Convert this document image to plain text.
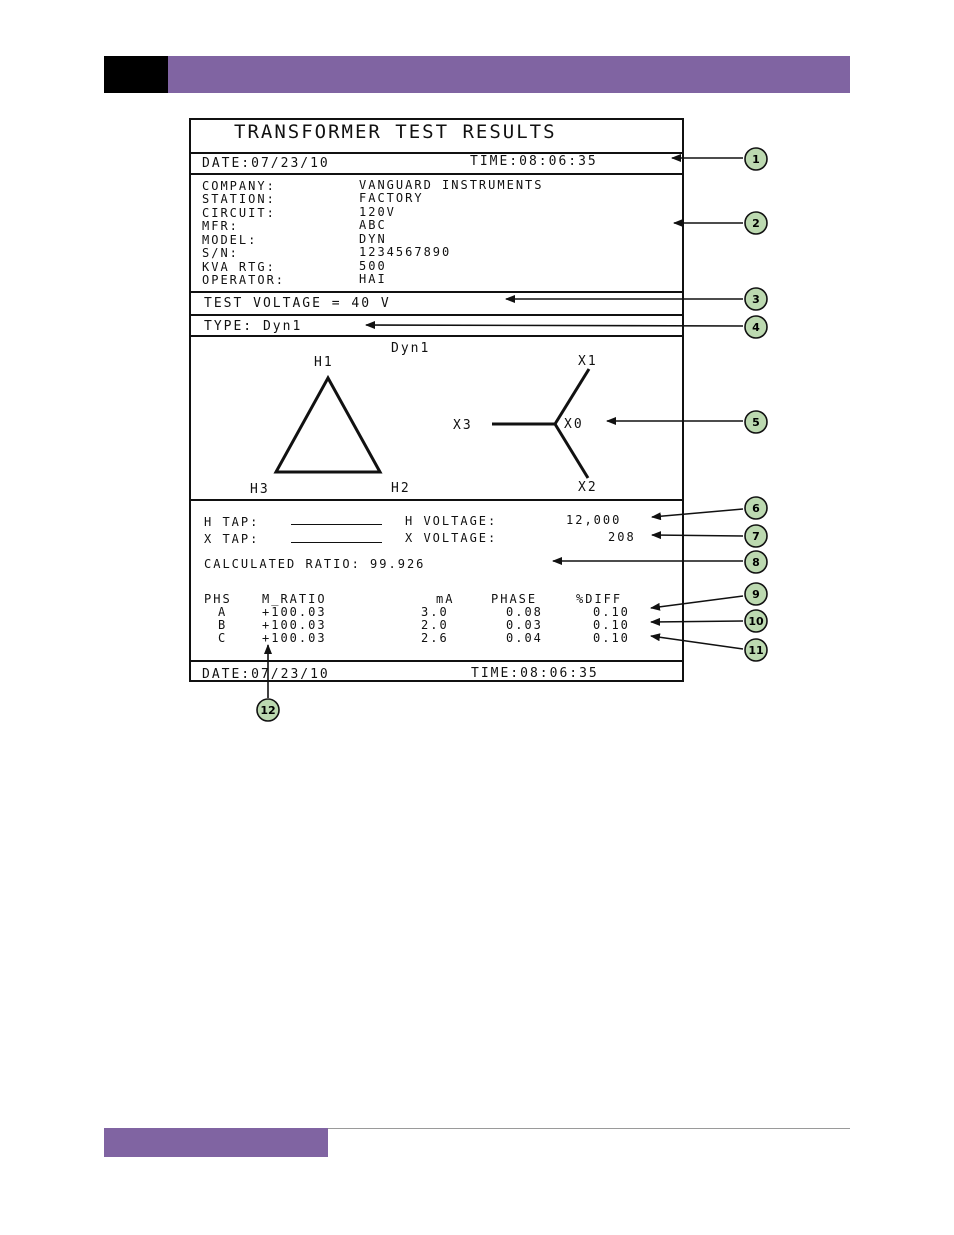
TRANSFORMER TEST RESULTS
DATE:07/23/10	TIME:08:06:35
COMPANY:	VANGUARD INSTRUMENTS
STATION:	FACTORY
CIRCUIT:	120V
MFR:	ABC
MODEL:	DYN
S/N:	1234567890
KVA RTG:	500
OPERATOR:	HAI
TEST VOLTAGE = 40 V
TYPE: Dyn1
Dyn1
H1
H2
H3
X1
X3	X0
X2
H TAP:	H VOLTAGE:	12,000
X TAP:	X VOLTAGE:	208
CALCULATED RATIO: 99.926
PHS	M_RATIO	mA	PHASE	%DIFF
A	+100.03	3.0	0.08	0.10
B	+100.03	2.0	0.03	0.10
C	+100.03	2.6	0.04	0.10
DATE:07/23/10	TIME:08:06:35
1
2
3
4
5
6
7
8
9
10
11
12
